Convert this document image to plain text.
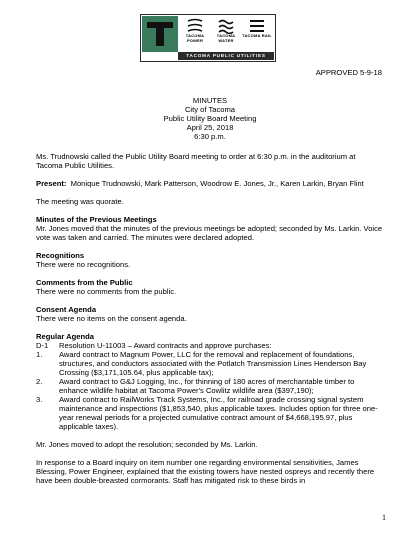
TACOMA POWER
TACOMA WATER
TACOMA RAIL
TACOMA PUBLIC UTILITIES
APPROVED 5-9-18
MINUTES
City of Tacoma
Public Utility Board Meeting
April 25, 2018
6:30 p.m.

Ms. Trudnowski called the Public Utility Board meeting to order at 6:30 p.m. in the auditorium at Tacoma Public Utilities.

Present: Monique Trudnowski, Mark Patterson, Woodrow E. Jones, Jr., Karen Larkin, Bryan Flint

The meeting was quorate.

Minutes of the Previous Meetings

Mr. Jones moved that the minutes of the previous meetings be adopted; seconded by Ms. Larkin. Voice vote was taken and carried. The minutes were declared adopted.

Recognitions

There were no recognitions.

Comments from the Public

There were no comments from the public.

Consent Agenda

There were no items on the consent agenda.

Regular Agenda

D-1	Resolution U-11003 – Award contracts and approve purchases:
1.	Award contract to Magnum Power, LLC for the removal and replacement of foundations, structures, and conductors associated with the Potlatch Transmission Lines Henderson Bay Crossing ($3,171,105.64, plus applicable tax);
2.	Award contract to G&J Logging, Inc., for thinning of 180 acres of merchantable timber to enhance wildlife habitat at Tacoma Power's Cowlitz wildlife area ($397,190);
3.	Award contract to RailWorks Track Systems, Inc., for railroad grade crossing signal system maintenance and inspections ($1,853,540, plus applicable taxes. Includes option for three one-year renewal periods for a projected cumulative contract amount of $4,668,195.97, plus applicable taxes).

Mr. Jones moved to adopt the resolution; seconded by Ms. Larkin.

In response to a Board inquiry on item number one regarding environmental sensitivities, James Blessing, Power Engineer, explained that the existing towers have nested ospreys and recently there have been double-breasted cormorants. Staff has mitigated risk to these birds in

1
